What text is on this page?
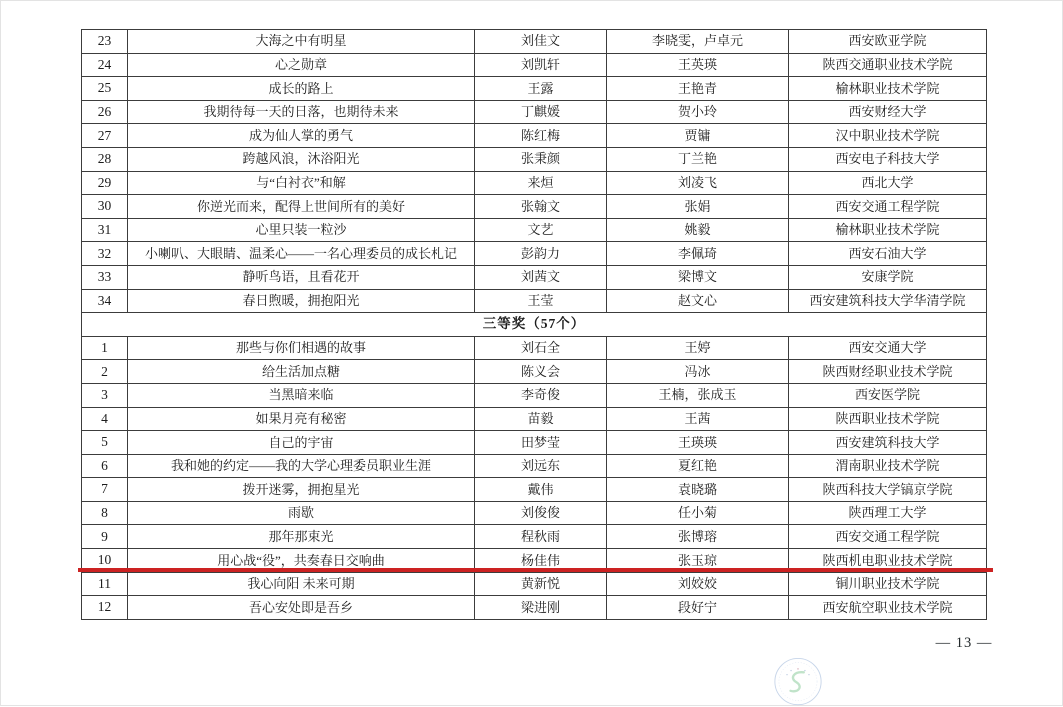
23	大海之中有明星	刘佳文	李晓雯，卢卓元	西安欧亚学院
24	心之勋章	刘凯轩	王英瑛	陕西交通职业技术学院
25	成长的路上	王露	王艳青	榆林职业技术学院
26	我期待每一天的日落，也期待未来	丁麒媛	贺小玲	西安财经大学
27	成为仙人掌的勇气	陈红梅	贾镛	汉中职业技术学院
28	跨越风浪，沐浴阳光	张秉颜	丁兰艳	西安电子科技大学
29	与“白衬衣”和解	来烜	刘凌飞	西北大学
30	你逆光而来，配得上世间所有的美好	张翰文	张娟	西安交通工程学院
31	心里只装一粒沙	文艺	姚毅	榆林职业技术学院
32	小喇叭、大眼睛、温柔心——一名心理委员的成长札记	彭韵力	李佩琦	西安石油大学
33	静听鸟语，且看花开	刘茜文	梁博文	安康学院
34	春日煦暖，拥抱阳光	王莹	赵文心	西安建筑科技大学华清学院
三等奖（57个）				
1	那些与你们相遇的故事	刘石全	王婷	西安交通大学
2	给生活加点糖	陈义会	冯冰	陕西财经职业技术学院
3	当黑暗来临	李奇俊	王楠，张成玉	西安医学院
4	如果月亮有秘密	苗毅	王茜	陕西职业技术学院
5	自己的宇宙	田梦莹	王瑛瑛	西安建筑科技大学
6	我和她的约定——我的大学心理委员职业生涯	刘远东	夏红艳	渭南职业技术学院
7	拨开迷雾，拥抱星光	戴伟	袁晓璐	陕西科技大学镐京学院
8	雨歇	刘俊俊	任小菊	陕西理工大学
9	那年那束光	程秋雨	张博瑢	西安交通工程学院
10	用心战“役”，共奏春日交响曲	杨佳伟	张玉琼	陕西机电职业技术学院
11	我心向阳 未来可期	黄新悦	刘姣姣	铜川职业技术学院
12	吾心安处即是吾乡	梁进刚	段好宁	西安航空职业技术学院
— 13 —
